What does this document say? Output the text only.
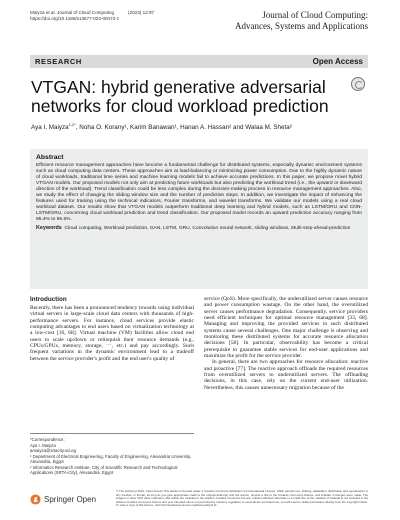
Maiyza et al. Journal of Cloud Computing	(2023) 12:97
https://doi.org/10.1186/s13677-023-00473-z	Journal of Cloud Computing:
Advances, Systems and Applications
RESEARCH	Open Access
VTGAN: hybrid generative adversarial networks for cloud workload prediction
Aya I. Maiyza$^{1,2*}$, Noha O. Korany¹, Karim Banawan¹, Hanan A. Hassan² and Walaa M. Sheta²
Abstract

Efficient resource management approaches have become a fundamental challenge for distributed systems, especially dynamic environment systems such as cloud computing data centers. These approaches aim at load-balancing or minimizing power consumption. Due to the highly dynamic nature of cloud workloads, traditional time series and machine learning models fail to achieve accurate predictions. In this paper, we propose novel hybrid VTGAN models. Our proposed models not only aim at predicting future workloads but also predicting the workload trend (i.e., the upward or downward direction of the workload). Trend classification could be less complex during the decision-making process in resource management approaches. Also, we study the effect of changing the sliding window size and the number of prediction steps. In addition, we investigate the impact of enhancing the features used for training using the technical indicators, Fourier transforms, and wavelet transforms. We validate our models using a real cloud workload dataset. Our results show that VTGAN models outperform traditional deep learning and hybrid models, such as LSTM/GRU and CNN-LSTM/GRU, concerning cloud workload prediction and trend classification. Our proposed model records an upward prediction accuracy ranging from 95.4% to 96.6%.

Keywords Cloud computing, Workload prediction, GAN, LSTM, GRU, Convolution neural network, sliding windows, Multi-step-ahead-prediction

Introduction

Recently, there has been a pronounced tendency towards using individual virtual servers in large-scale cloud data centers with thousands of high-performance servers. For instance, cloud services provide elastic computing advantages to end users based on virtualization technology at a low-cost [16, 68]. Virtual machine (VM) facilities allow cloud end users to scale up/down or relinquish their resource demands (e.g., CPUs/GPUs, memory, storage, ⋯, etc.) and pay accordingly. Such frequent variations in the dynamic environment lead to a tradeoff between the service provider's profit and the end user's quality of

service (QoS). More specifically, the underutilized server causes resource and power consumption wastage. On the other hand, the overutilized server causes performance degradation. Consequently, service providers need efficient techniques for optimal resource management [33, 68]. Managing and improving the provided services in such distributed systems cause several challenges. One major challenge is observing and monitoring these distributed systems for accurate resource allocation decisions [58]. In particular, observability has become a critical prerequisite to guarantee stable services for end-user applications and maximize the profit for the service provider.

In general, there are two approaches for resource allocation: reactive and proactive [77]. The reactive approach offloads the required resources from overutilized servers to underutilized servers. The offloading decisions, in this case, rely on the current end-user utilization. Nevertheless, this causes unnecessary migration because of the

*Correspondence:
Aya I. Maiyza
amaiyza@srtacity.sci.eg
¹ Department of Electrical Engineering, Faculty of Engineering, Alexandria University, Alexandria, Egypt
² Informatics Research Institute, City of Scientific Research and Technological Applications (SRTA-City), Alexandria, Egypt
Springer Open

© The Author(s) 2023. Open Access This article is licensed under a Creative Commons Attribution 4.0 International License, which permits use, sharing, adaptation, distribution and reproduction in any medium or format, as long as you give appropriate credit to the original author(s) and the source, provide a link to the Creative Commons licence, and indicate if changes were made. The images or other third party material in this article are included in the article's Creative Commons licence, unless indicated otherwise in a credit line to the material. If material is not included in the article's Creative Commons licence and your intended use is not permitted by statutory regulation or exceeds the permitted use, you will need to obtain permission directly from the copyright holder. To view a copy of this licence, visit http://creativecommons.org/licenses/by/4.0/.
